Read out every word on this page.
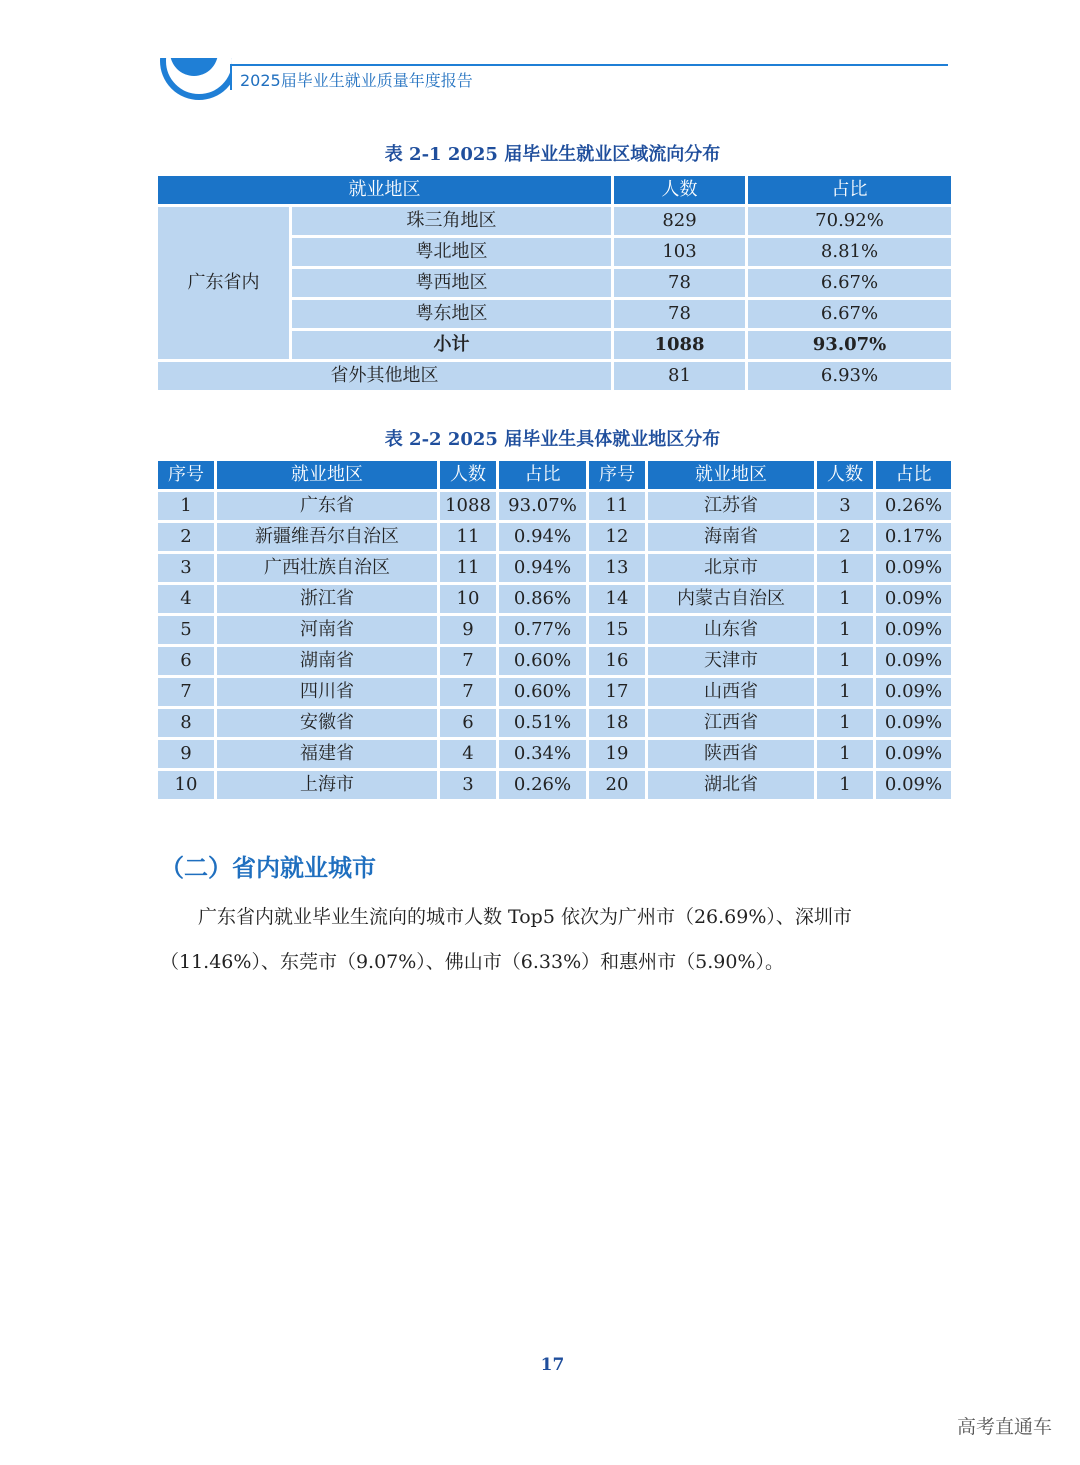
2025届毕业生就业质量年度报告
表 2-1 2025 届毕业生就业区域流向分布
就业地区		人数	占比
广东省内	珠三角地区	829	70.92%
	粤北地区	103	8.81%
	粤西地区	78	6.67%
	粤东地区	78	6.67%
	小计	1088	93.07%
省外其他地区		81	6.93%
表 2-2 2025 届毕业生具体就业地区分布
序号	就业地区	人数	占比	序号	就业地区	人数	占比
1	广东省	1088	93.07%	11	江苏省	3	0.26%
2	新疆维吾尔自治区	11	0.94%	12	海南省	2	0.17%
3	广西壮族自治区	11	0.94%	13	北京市	1	0.09%
4	浙江省	10	0.86%	14	内蒙古自治区	1	0.09%
5	河南省	9	0.77%	15	山东省	1	0.09%
6	湖南省	7	0.60%	16	天津市	1	0.09%
7	四川省	7	0.60%	17	山西省	1	0.09%
8	安徽省	6	0.51%	18	江西省	1	0.09%
9	福建省	4	0.34%	19	陕西省	1	0.09%
10	上海市	3	0.26%	20	湖北省	1	0.09%
（二）省内就业城市
　　广东省内就业毕业生流向的城市人数 Top5 依次为广州市（26.69%）、深圳市
（11.46%）、东莞市（9.07%）、佛山市（6.33%）和惠州市（5.90%）。
17
高考直通车
